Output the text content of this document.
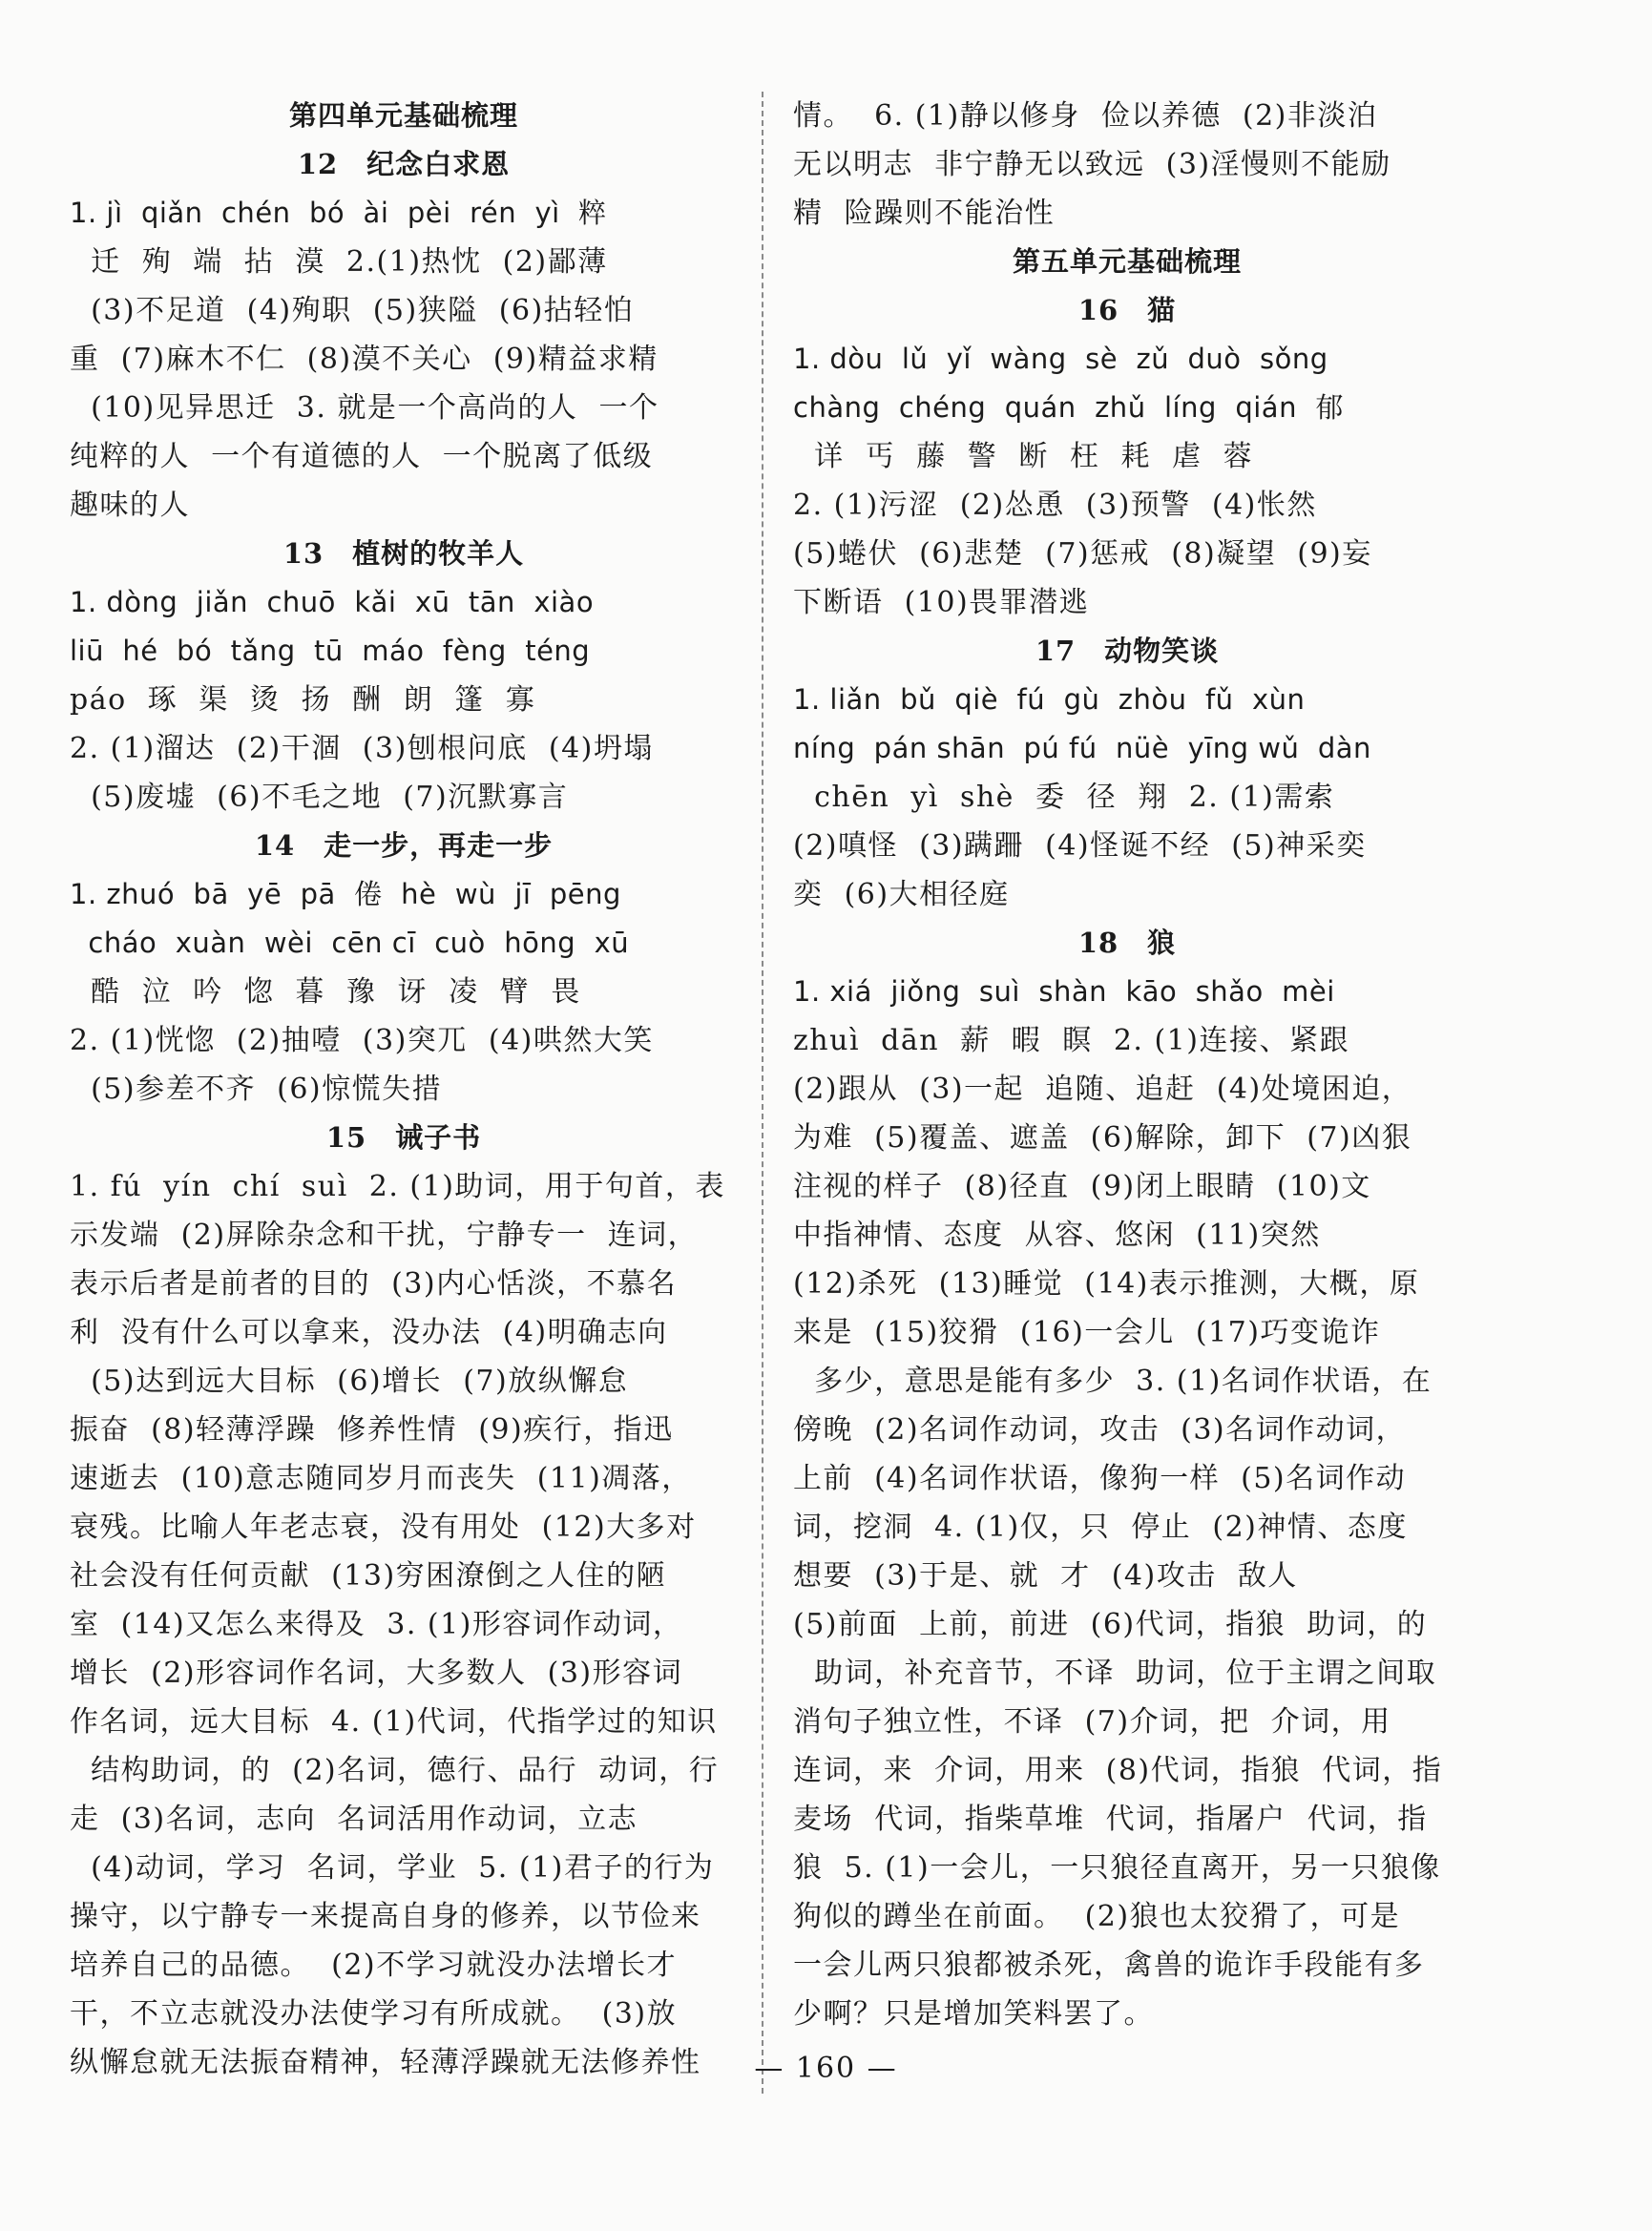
第四单元基础梳理
12　纪念白求恩
1. jì  qiǎn  chén  bó  ài  pèi  rén  yì  粹
迁  殉  端  拈  漠  2.(1)热忱  (2)鄙薄
(3)不足道  (4)殉职  (5)狭隘  (6)拈轻怕
重  (7)麻木不仁  (8)漠不关心  (9)精益求精
(10)见异思迁  3. 就是一个高尚的人  一个
纯粹的人  一个有道德的人  一个脱离了低级
趣味的人
13　植树的牧羊人
1. dòng  jiǎn  chuō  kǎi  xū  tān  xiào
liū  hé  bó  tǎng  tū  máo  fèng  téng
páo  琢  渠  烫  扬  酬  朗  篷  寡
2. (1)溜达  (2)干涸  (3)刨根问底  (4)坍塌
(5)废墟  (6)不毛之地  (7)沉默寡言
14　走一步，再走一步
1. zhuó  bā  yē  pā  倦  hè  wù  jī  pēng
cháo  xuàn  wèi  cēn cī  cuò  hōng  xū
酷  泣  吟  惚  暮  豫  讶  凌  臂  畏
2. (1)恍惚  (2)抽噎  (3)突兀  (4)哄然大笑
(5)参差不齐  (6)惊慌失措
15　诫子书
1. fú  yín  chí  suì  2. (1)助词，用于句首，表
示发端  (2)屏除杂念和干扰，宁静专一  连词，
表示后者是前者的目的  (3)内心恬淡，不慕名
利  没有什么可以拿来，没办法  (4)明确志向
(5)达到远大目标  (6)增长  (7)放纵懈怠
振奋  (8)轻薄浮躁  修养性情  (9)疾行，指迅
速逝去  (10)意志随同岁月而丧失  (11)凋落，
衰残。比喻人年老志衰，没有用处  (12)大多对
社会没有任何贡献  (13)穷困潦倒之人住的陋
室  (14)又怎么来得及  3. (1)形容词作动词，
增长  (2)形容词作名词，大多数人  (3)形容词
作名词，远大目标  4. (1)代词，代指学过的知识
结构助词，的  (2)名词，德行、品行  动词，行
走  (3)名词，志向  名词活用作动词，立志
(4)动词，学习  名词，学业  5. (1)君子的行为
操守，以宁静专一来提高自身的修养，以节俭来
培养自己的品德。  (2)不学习就没办法增长才
干，不立志就没办法使学习有所成就。  (3)放
纵懈怠就无法振奋精神，轻薄浮躁就无法修养性
情。  6. (1)静以修身  俭以养德  (2)非淡泊
无以明志  非宁静无以致远  (3)淫慢则不能励
精  险躁则不能治性
第五单元基础梳理
16　猫
1. dòu  lǔ  yǐ  wàng  sè  zǔ  duò  sǒng
chàng  chéng  quán  zhǔ  líng  qián  郁
详  丐  藤  警  断  枉  耗  虐  蓉
2. (1)污涩  (2)怂恿  (3)预警  (4)怅然
(5)蜷伏  (6)悲楚  (7)惩戒  (8)凝望  (9)妄
下断语  (10)畏罪潜逃
17　动物笑谈
1. liǎn  bǔ  qiè  fú  gù  zhòu  fǔ  xùn
níng  pán shān  pú fú  nüè  yīng wǔ  dàn
chēn  yì  shè  委  径  翔  2. (1)需索
(2)嗔怪  (3)蹒跚  (4)怪诞不经  (5)神采奕
奕  (6)大相径庭
18　狼
1. xiá  jiǒng  suì  shàn  kāo  shǎo  mèi
zhuì  dān  薪  暇  瞑  2. (1)连接、紧跟
(2)跟从  (3)一起  追随、追赶  (4)处境困迫，
为难  (5)覆盖、遮盖  (6)解除，卸下  (7)凶狠
注视的样子  (8)径直  (9)闭上眼睛  (10)文
中指神情、态度  从容、悠闲  (11)突然
(12)杀死  (13)睡觉  (14)表示推测，大概，原
来是  (15)狡猾  (16)一会儿  (17)巧变诡诈
多少，意思是能有多少  3. (1)名词作状语，在
傍晚  (2)名词作动词，攻击  (3)名词作动词，
上前  (4)名词作状语，像狗一样  (5)名词作动
词，挖洞  4. (1)仅，只  停止  (2)神情、态度
想要  (3)于是、就  才  (4)攻击  敌人
(5)前面  上前，前进  (6)代词，指狼  助词，的
助词，补充音节，不译  助词，位于主谓之间取
消句子独立性，不译  (7)介词，把  介词，用
连词，来  介词，用来  (8)代词，指狼  代词，指
麦场  代词，指柴草堆  代词，指屠户  代词，指
狼  5. (1)一会儿，一只狼径直离开，另一只狼像
狗似的蹲坐在前面。  (2)狼也太狡猾了，可是
一会儿两只狼都被杀死，禽兽的诡诈手段能有多
少啊？只是增加笑料罢了。
— 160 —
